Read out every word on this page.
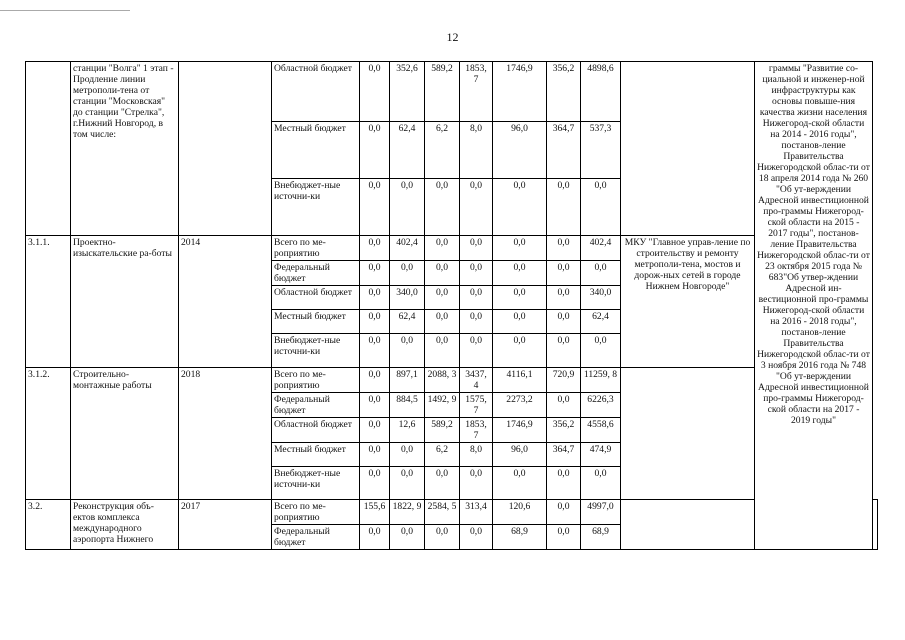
12
	станции "Волга" 1 этап - Продление линии метрополи-тена от станции "Московская" до станции "Стрелка", г.Нижний Новгород, в том числе:		Областной бюджет	0,0	352,6	589,2	1853, 7	1746,9	356,2	4898,6		граммы "Развитие со-циальной и инженер-ной инфраструктуры как основы повыше-ния качества жизни населения Нижегород-ской области на 2014 - 2016 годы", постанов-ление Правительства Нижегородской облас-ти от 18 апреля 2014 года № 260 "Об ут-верждении Адресной инвестиционной про-граммы Нижегород-ской области на 2015 - 2017 годы", постанов-ление Правительства Нижегородской облас-ти от 23 октября 2015 года № 683"Об утвер-ждении Адресной ин-вестиционной про-граммы Нижегород-ской области на 2016 - 2018 годы", постанов-ление Правительства Нижегородской облас-ти от 3 ноября 2016 года № 748 "Об ут-верждении Адресной инвестиционной про-граммы Нижегород-ской области на 2017 - 2019 годы"	
			Местный бюджет	0,0	62,4	6,2	8,0	96,0	364,7	537,3			
			Внебюджет-ные источни-ки	0,0	0,0	0,0	0,0	0,0	0,0	0,0			
3.1.1.	Проектно-изыскательские ра-боты	2014	Всего по ме-роприятию	0,0	402,4	0,0	0,0	0,0	0,0	402,4	МКУ "Главное управ-ление по строительству и ремонту метрополи-тена, мостов и дорож-ных сетей в городе Нижнем Новгороде"		
			Федеральный бюджет	0,0	0,0	0,0	0,0	0,0	0,0	0,0			
			Областной бюджет	0,0	340,0	0,0	0,0	0,0	0,0	340,0			
			Местный бюджет	0,0	62,4	0,0	0,0	0,0	0,0	62,4			
			Внебюджет-ные источни-ки	0,0	0,0	0,0	0,0	0,0	0,0	0,0			
3.1.2.	Строительно-монтажные работы	2018	Всего по ме-роприятию	0,0	897,1	2088, 3	3437, 4	4116,1	720,9	11259, 8			
			Федеральный бюджет	0,0	884,5	1492, 9	1575, 7	2273,2	0,0	6226,3			
			Областной бюджет	0,0	12,6	589,2	1853, 7	1746,9	356,2	4558,6			
			Местный бюджет	0,0	0,0	6,2	8,0	96,0	364,7	474,9			
			Внебюджет-ные источни-ки	0,0	0,0	0,0	0,0	0,0	0,0	0,0			
3.2.	Реконструкция объ-ектов комплекса международного аэропорта Нижнего	2017	Всего по ме-роприятию	155,6	1822, 9	2584, 5	313,4	120,6	0,0	4997,0			
			Федеральный бюджет	0,0	0,0	0,0	0,0	68,9	0,0	68,9			
